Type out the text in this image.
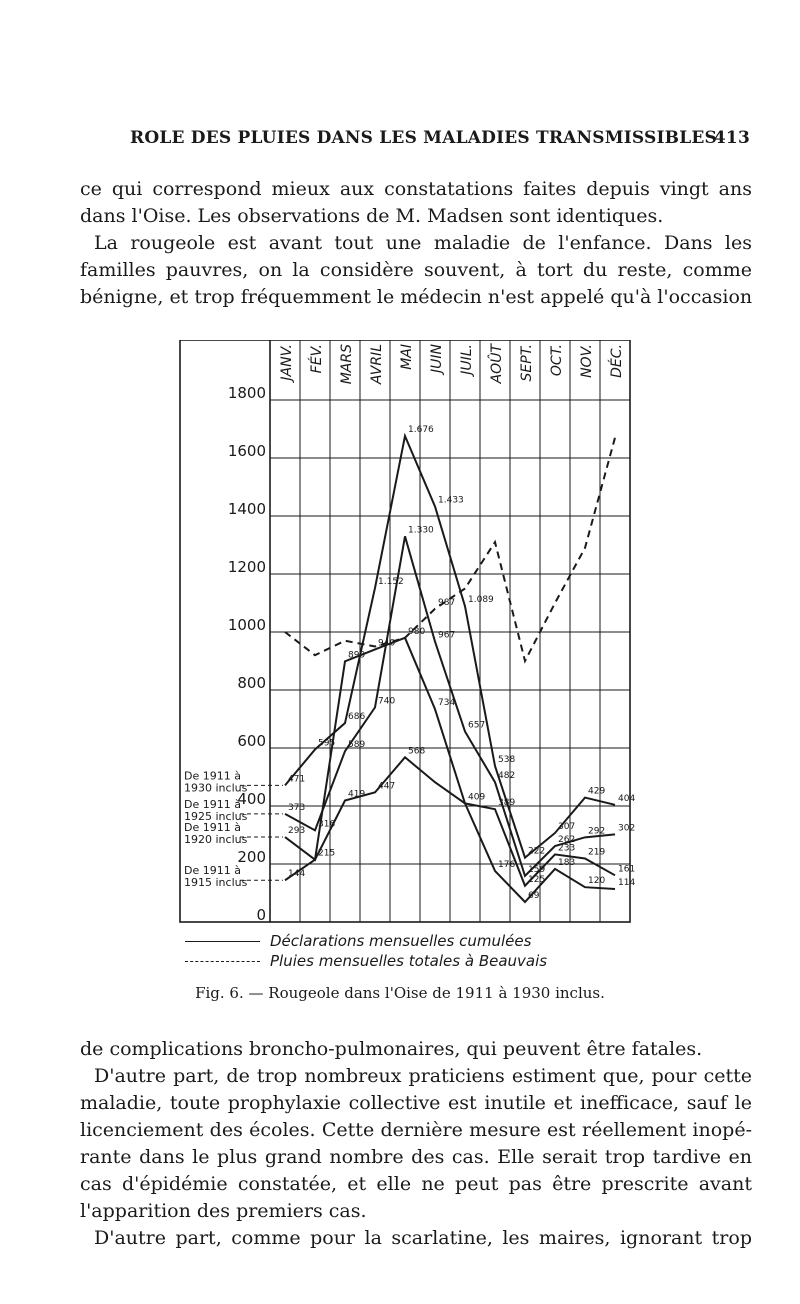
ROLE DES PLUIES DANS LES MALADIES TRANSMISSIBLES
413

ce qui correspond mieux aux constatations faites depuis vingt ans
dans l'Oise. Les observations de M. Madsen sont identiques.
La rougeole est avant tout une maladie de l'enfance. Dans les
familles pauvres, on la considère souvent, à tort du reste, comme
bénigne, et trop fréquemment le médecin n'est appelé qu'à l'occasion

JANV. FÉV. MARS AVRIL MAI JUIN JUIL. AOÛT SEPT. OCT. NOV. DÉC.
0
200
400
600
800
1000
1200
1400
1600
1800
471
595
686
1.152
1.676
1.433
1.089
538
222
307
429
404
De 1911 à
1930 inclus
373
316
589
740
1.330
967
657
482
159
262
292 302
De 1911 à
1925 inclus
293
215
899
940
980
734
409
389
125
233 219
161
De 1911 à
1920 inclus
144
419
447
568
176
69
183
120 114
De 1911 à
1915 inclus
987
Déclarations mensuelles cumulées
Pluies mensuelles totales à Beauvais
Fig. 6. — Rougeole dans l'Oise de 1911 à 1930 inclus.

de complications broncho-pulmonaires, qui peuvent être fatales.

D'autre part, de trop nombreux praticiens estiment que, pour cette
maladie, toute prophylaxie collective est inutile et inefficace, sauf le
licenciement des écoles. Cette dernière mesure est réellement inopé-
rante dans le plus grand nombre des cas. Elle serait trop tardive en
cas d'épidémie constatée, et elle ne peut pas être prescrite avant
l'apparition des premiers cas.

D'autre part, comme pour la scarlatine, les maires, ignorant trop
